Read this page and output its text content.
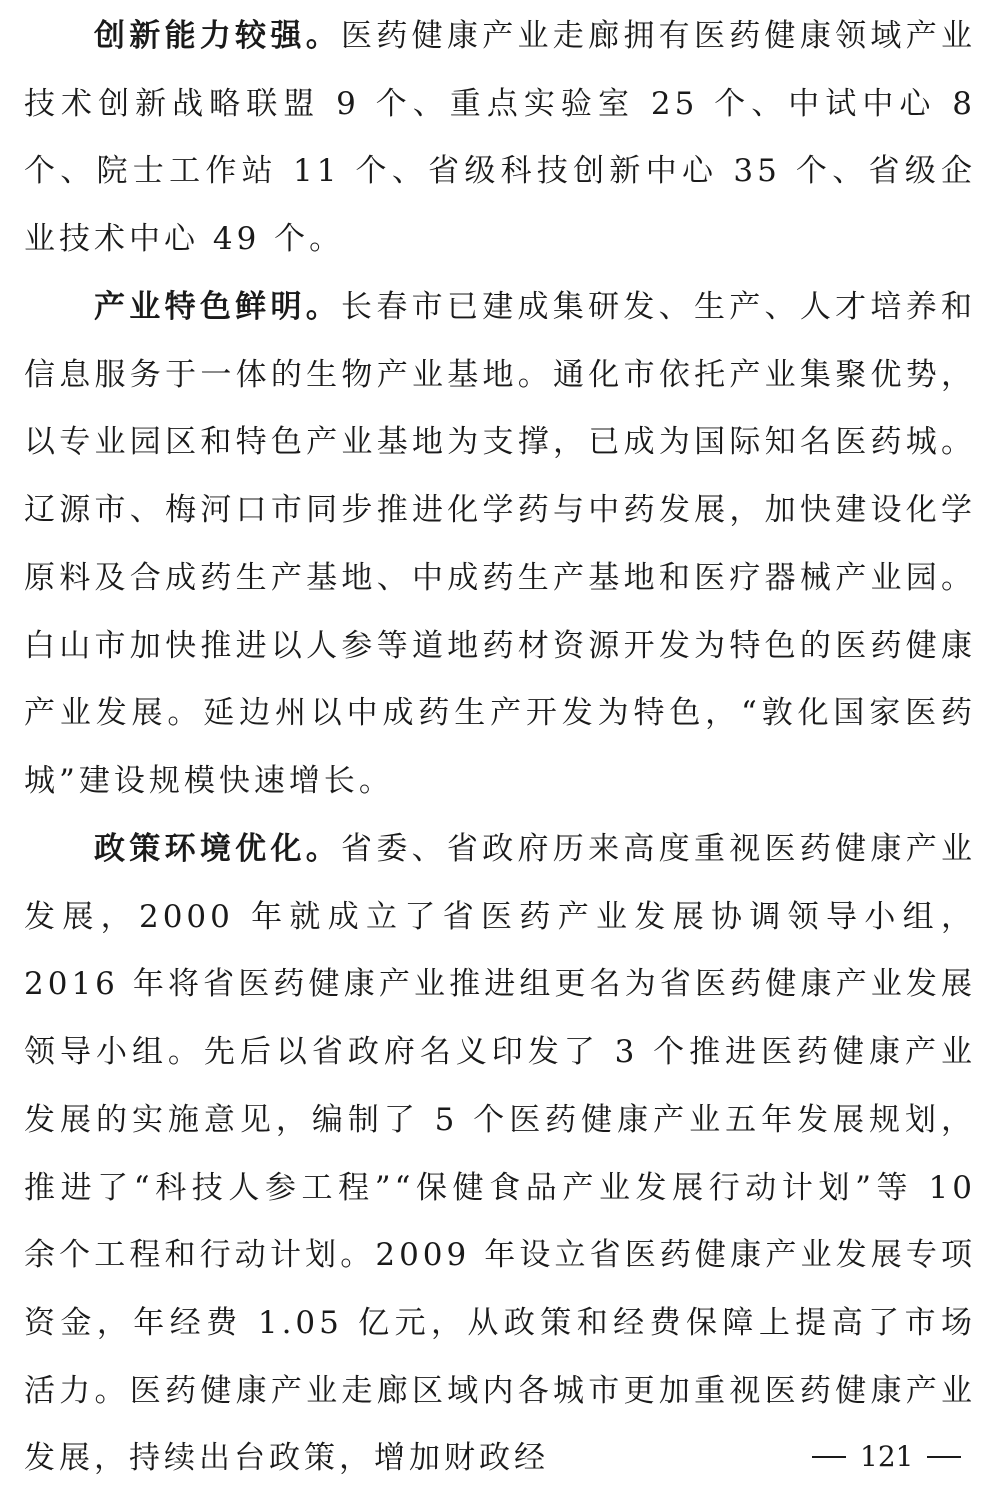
创新能力较强。医药健康产业走廊拥有医药健康领域产业技术创新战略联盟 9 个、重点实验室 25 个、中试中心 8 个、院士工作站 11 个、省级科技创新中心 35 个、省级企业技术中心 49 个。

产业特色鲜明。长春市已建成集研发、生产、人才培养和信息服务于一体的生物产业基地。通化市依托产业集聚优势，以专业园区和特色产业基地为支撑，已成为国际知名医药城。辽源市、梅河口市同步推进化学药与中药发展，加快建设化学原料及合成药生产基地、中成药生产基地和医疗器械产业园。白山市加快推进以人参等道地药材资源开发为特色的医药健康产业发展。延边州以中成药生产开发为特色，“敦化国家医药城”建设规模快速增长。

政策环境优化。省委、省政府历来高度重视医药健康产业发展，2000 年就成立了省医药产业发展协调领导小组，2016 年将省医药健康产业推进组更名为省医药健康产业发展领导小组。先后以省政府名义印发了 3 个推进医药健康产业发展的实施意见，编制了 5 个医药健康产业五年发展规划，推进了“科技人参工程”“保健食品产业发展行动计划”等 10 余个工程和行动计划。2009 年设立省医药健康产业发展专项资金，年经费 1.05 亿元，从政策和经费保障上提高了市场活力。医药健康产业走廊区域内各城市更加重视医药健康产业发展，持续出台政策，增加财政经	121
